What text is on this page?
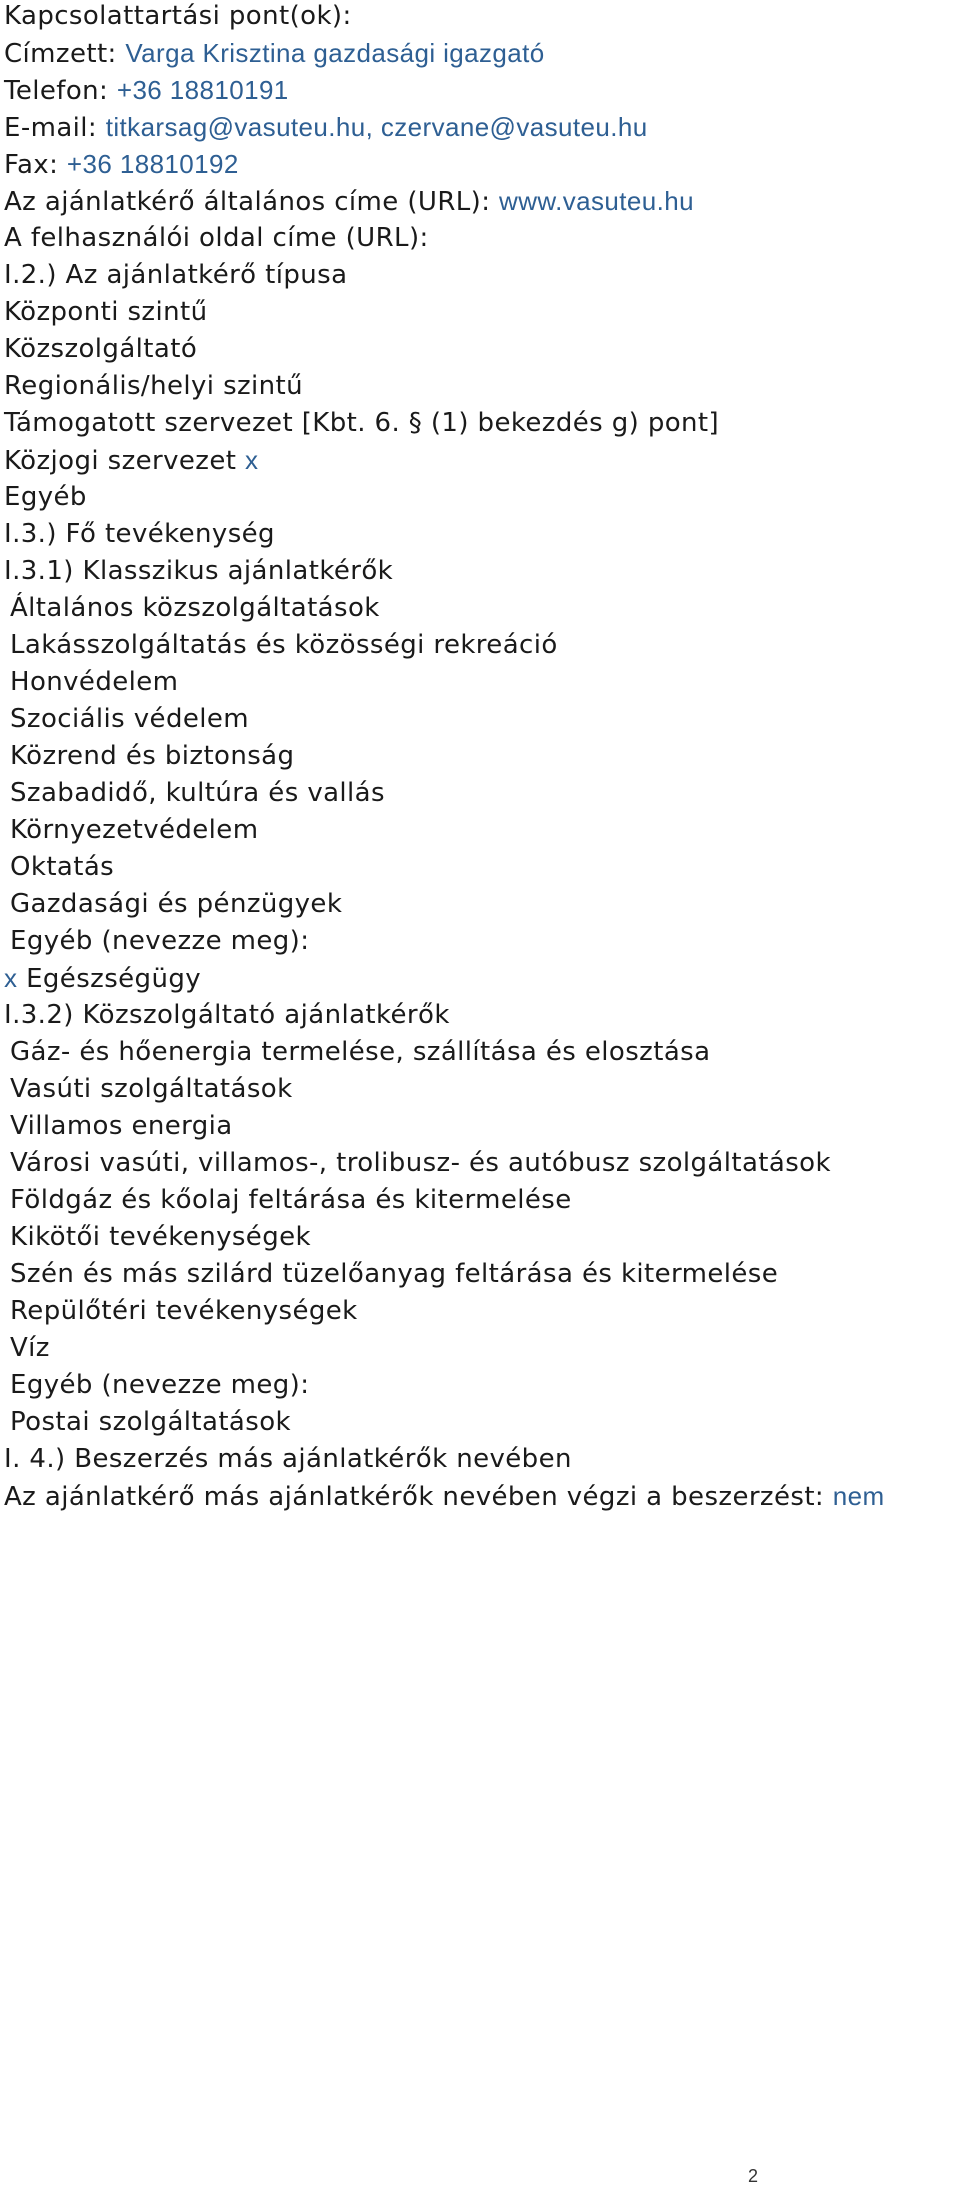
Kapcsolattartási pont(ok):
Címzett: Varga Krisztina gazdasági igazgató
Telefon: +36 18810191
E-mail: titkarsag@vasuteu.hu, czervane@vasuteu.hu
Fax: +36 18810192
Az ajánlatkérő általános címe (URL): www.vasuteu.hu
A felhasználói oldal címe (URL):
I.2.) Az ajánlatkérő típusa
Központi szintű
Közszolgáltató
Regionális/helyi szintű
Támogatott szervezet [Kbt. 6. § (1) bekezdés g) pont]
Közjogi szervezet x
Egyéb
I.3.) Fő tevékenység
I.3.1) Klasszikus ajánlatkérők
Általános közszolgáltatások
Lakásszolgáltatás és közösségi rekreáció
Honvédelem
Szociális védelem
Közrend és biztonság
Szabadidő, kultúra és vallás
Környezetvédelem
Oktatás
Gazdasági és pénzügyek
Egyéb (nevezze meg):
x Egészségügy
I.3.2) Közszolgáltató ajánlatkérők
Gáz- és hőenergia termelése, szállítása és elosztása
Vasúti szolgáltatások
Villamos energia
Városi vasúti, villamos-, trolibusz- és autóbusz szolgáltatások
Földgáz és kőolaj feltárása és kitermelése
Kikötői tevékenységek
Szén és más szilárd tüzelőanyag feltárása és kitermelése
Repülőtéri tevékenységek
Víz
Egyéb (nevezze meg):
Postai szolgáltatások
I. 4.) Beszerzés más ajánlatkérők nevében
Az ajánlatkérő más ajánlatkérők nevében végzi a beszerzést: nem
2
